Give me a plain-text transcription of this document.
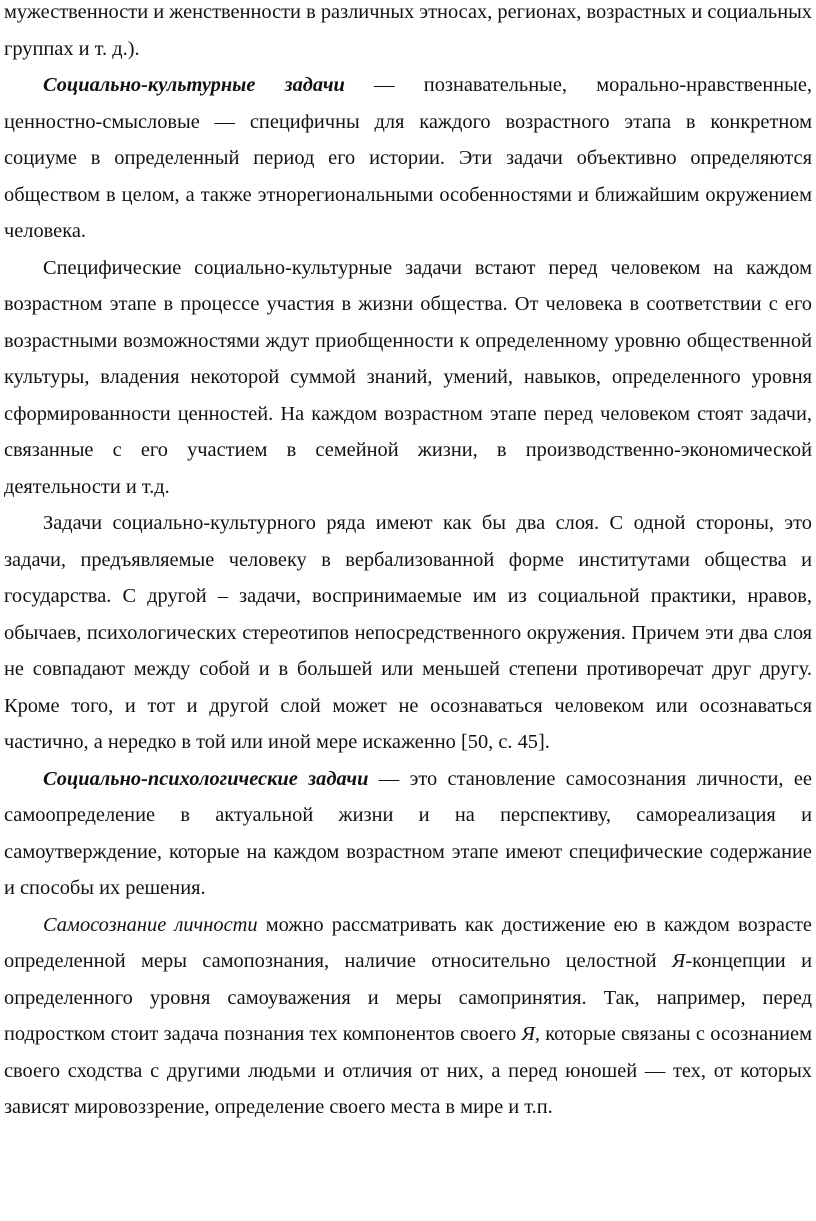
мужественности и женственности в различных этносах, регионах, возрастных и социальных группах и т. д.).

Социально-культурные задачи — познавательные, морально-нравственные, ценностно-смысловые — специфичны для каждого возрастного этапа в конкретном социуме в определенный период его истории. Эти задачи объективно определяются обществом в целом, а также этнорегиональными особенностями и ближайшим окружением человека.

Специфические социально-культурные задачи встают перед человеком на каждом возрастном этапе в процессе участия в жизни общества. От человека в соответствии с его возрастными возможностями ждут приобщенности к определенному уровню общественной культуры, владения некоторой суммой знаний, умений, навыков, определенного уровня сформированности ценностей. На каждом возрастном этапе перед человеком стоят задачи, связанные с его участием в семейной жизни, в производственно-экономической деятельности и т.д.

Задачи социально-культурного ряда имеют как бы два слоя. С одной стороны, это задачи, предъявляемые человеку в вербализованной форме институтами общества и государства. С другой – задачи, воспринимаемые им из социальной практики, нравов, обычаев, психологических стереотипов непосредственного окружения. Причем эти два слоя не совпадают между собой и в большей или меньшей степени противоречат друг другу. Кроме того, и тот и другой слой может не осознаваться человеком или осознаваться частично, а нередко в той или иной мере искаженно [50, с. 45].

Социально-психологические задачи — это становление самосознания личности, ее самоопределение в актуальной жизни и на перспективу, самореализация и самоутверждение, которые на каждом возрастном этапе имеют специфические содержание и способы их решения.

Самосознание личности можно рассматривать как достижение ею в каждом возрасте определенной меры самопознания, наличие относительно целостной Я-концепции и определенного уровня самоуважения и меры самопринятия. Так, например, перед подростком стоит задача познания тех компонентов своего Я, которые связаны с осознанием своего сходства с другими людьми и отличия от них, а перед юношей — тех, от которых зависят мировоззрение, определение своего места в мире и т.п.
